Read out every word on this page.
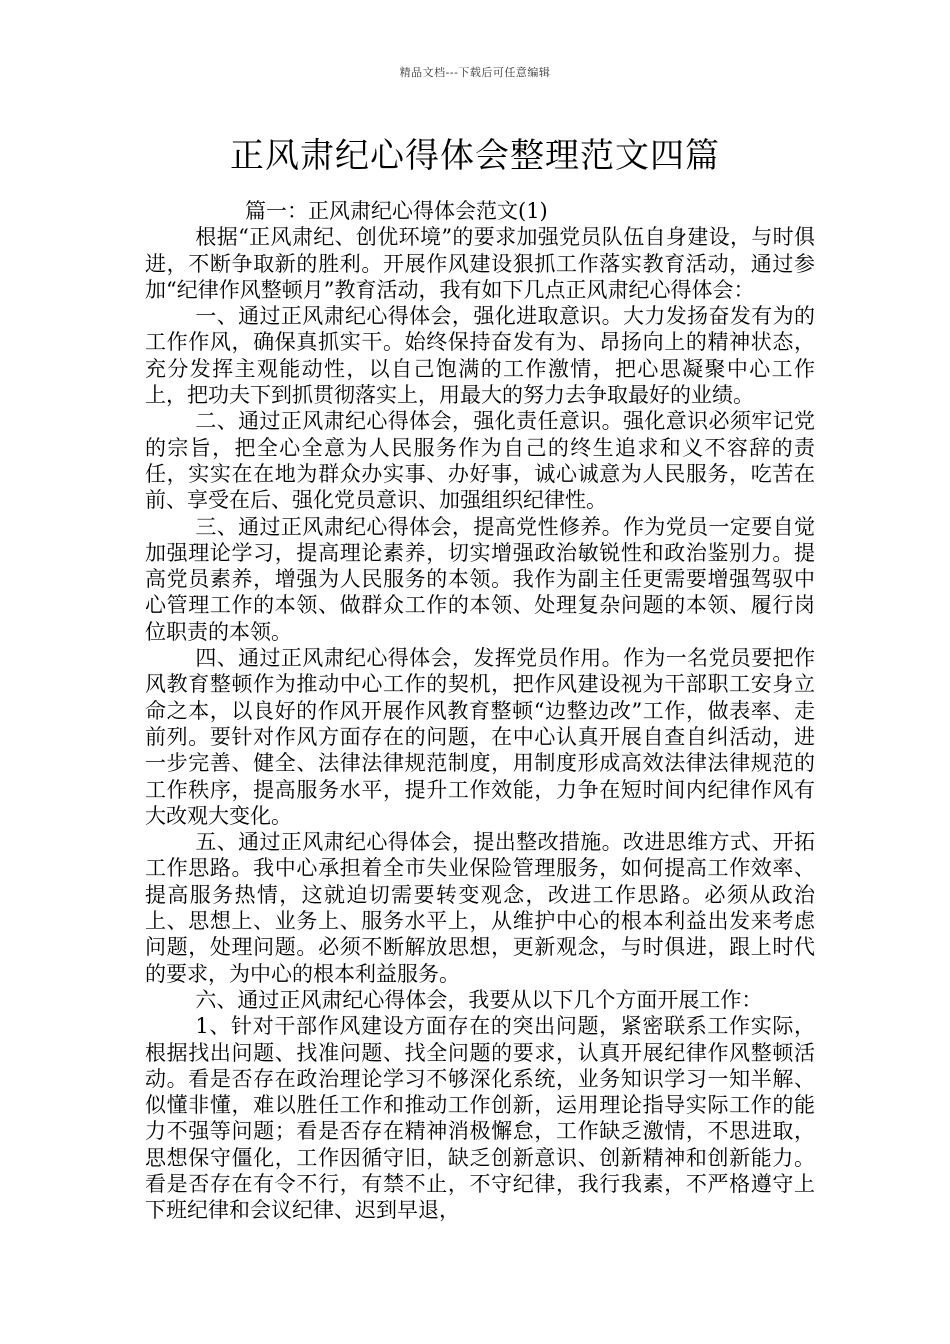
精品文档---下载后可任意编辑
正风肃纪心得体会整理范文四篇

篇一：正风肃纪心得体会范文(1)

根据“正风肃纪、创优环境”的要求加强党员队伍自身建设，与时俱进，不断争取新的胜利。开展作风建设狠抓工作落实教育活动，通过参加“纪律作风整顿月”教育活动，我有如下几点正风肃纪心得体会：

一、通过正风肃纪心得体会，强化进取意识。大力发扬奋发有为的工作作风，确保真抓实干。始终保持奋发有为、昂扬向上的精神状态，充分发挥主观能动性，以自己饱满的工作激情，把心思凝聚中心工作上，把功夫下到抓贯彻落实上，用最大的努力去争取最好的业绩。

二、通过正风肃纪心得体会，强化责任意识。强化意识必须牢记党的宗旨，把全心全意为人民服务作为自己的终生追求和义不容辞的责任，实实在在地为群众办实事、办好事，诚心诚意为人民服务，吃苦在前、享受在后、强化党员意识、加强组织纪律性。

三、通过正风肃纪心得体会，提高党性修养。作为党员一定要自觉加强理论学习，提高理论素养，切实增强政治敏锐性和政治鉴别力。提高党员素养，增强为人民服务的本领。我作为副主任更需要增强驾驭中心管理工作的本领、做群众工作的本领、处理复杂问题的本领、履行岗位职责的本领。

四、通过正风肃纪心得体会，发挥党员作用。作为一名党员要把作风教育整顿作为推动中心工作的契机，把作风建设视为干部职工安身立命之本，以良好的作风开展作风教育整顿“边整边改”工作，做表率、走前列。要针对作风方面存在的问题，在中心认真开展自查自纠活动，进一步完善、健全、法律法律规范制度，用制度形成高效法律法律规范的工作秩序，提高服务水平，提升工作效能，力争在短时间内纪律作风有大改观大变化。

五、通过正风肃纪心得体会，提出整改措施。改进思维方式、开拓工作思路。我中心承担着全市失业保险管理服务，如何提高工作效率、提高服务热情，这就迫切需要转变观念，改进工作思路。必须从政治上、思想上、业务上、服务水平上，从维护中心的根本利益出发来考虑问题，处理问题。必须不断解放思想，更新观念，与时俱进，跟上时代的要求，为中心的根本利益服务。

六、通过正风肃纪心得体会，我要从以下几个方面开展工作：

1、针对干部作风建设方面存在的突出问题，紧密联系工作实际，根据找出问题、找准问题、找全问题的要求，认真开展纪律作风整顿活动。看是否存在政治理论学习不够深化系统，业务知识学习一知半解、似懂非懂，难以胜任工作和推动工作创新，运用理论指导实际工作的能力不强等问题；看是否存在精神消极懈怠，工作缺乏激情，不思进取，思想保守僵化，工作因循守旧，缺乏创新意识、创新精神和创新能力。看是否存在有令不行，有禁不止，不守纪律，我行我素，不严格遵守上下班纪律和会议纪律、迟到早退，
